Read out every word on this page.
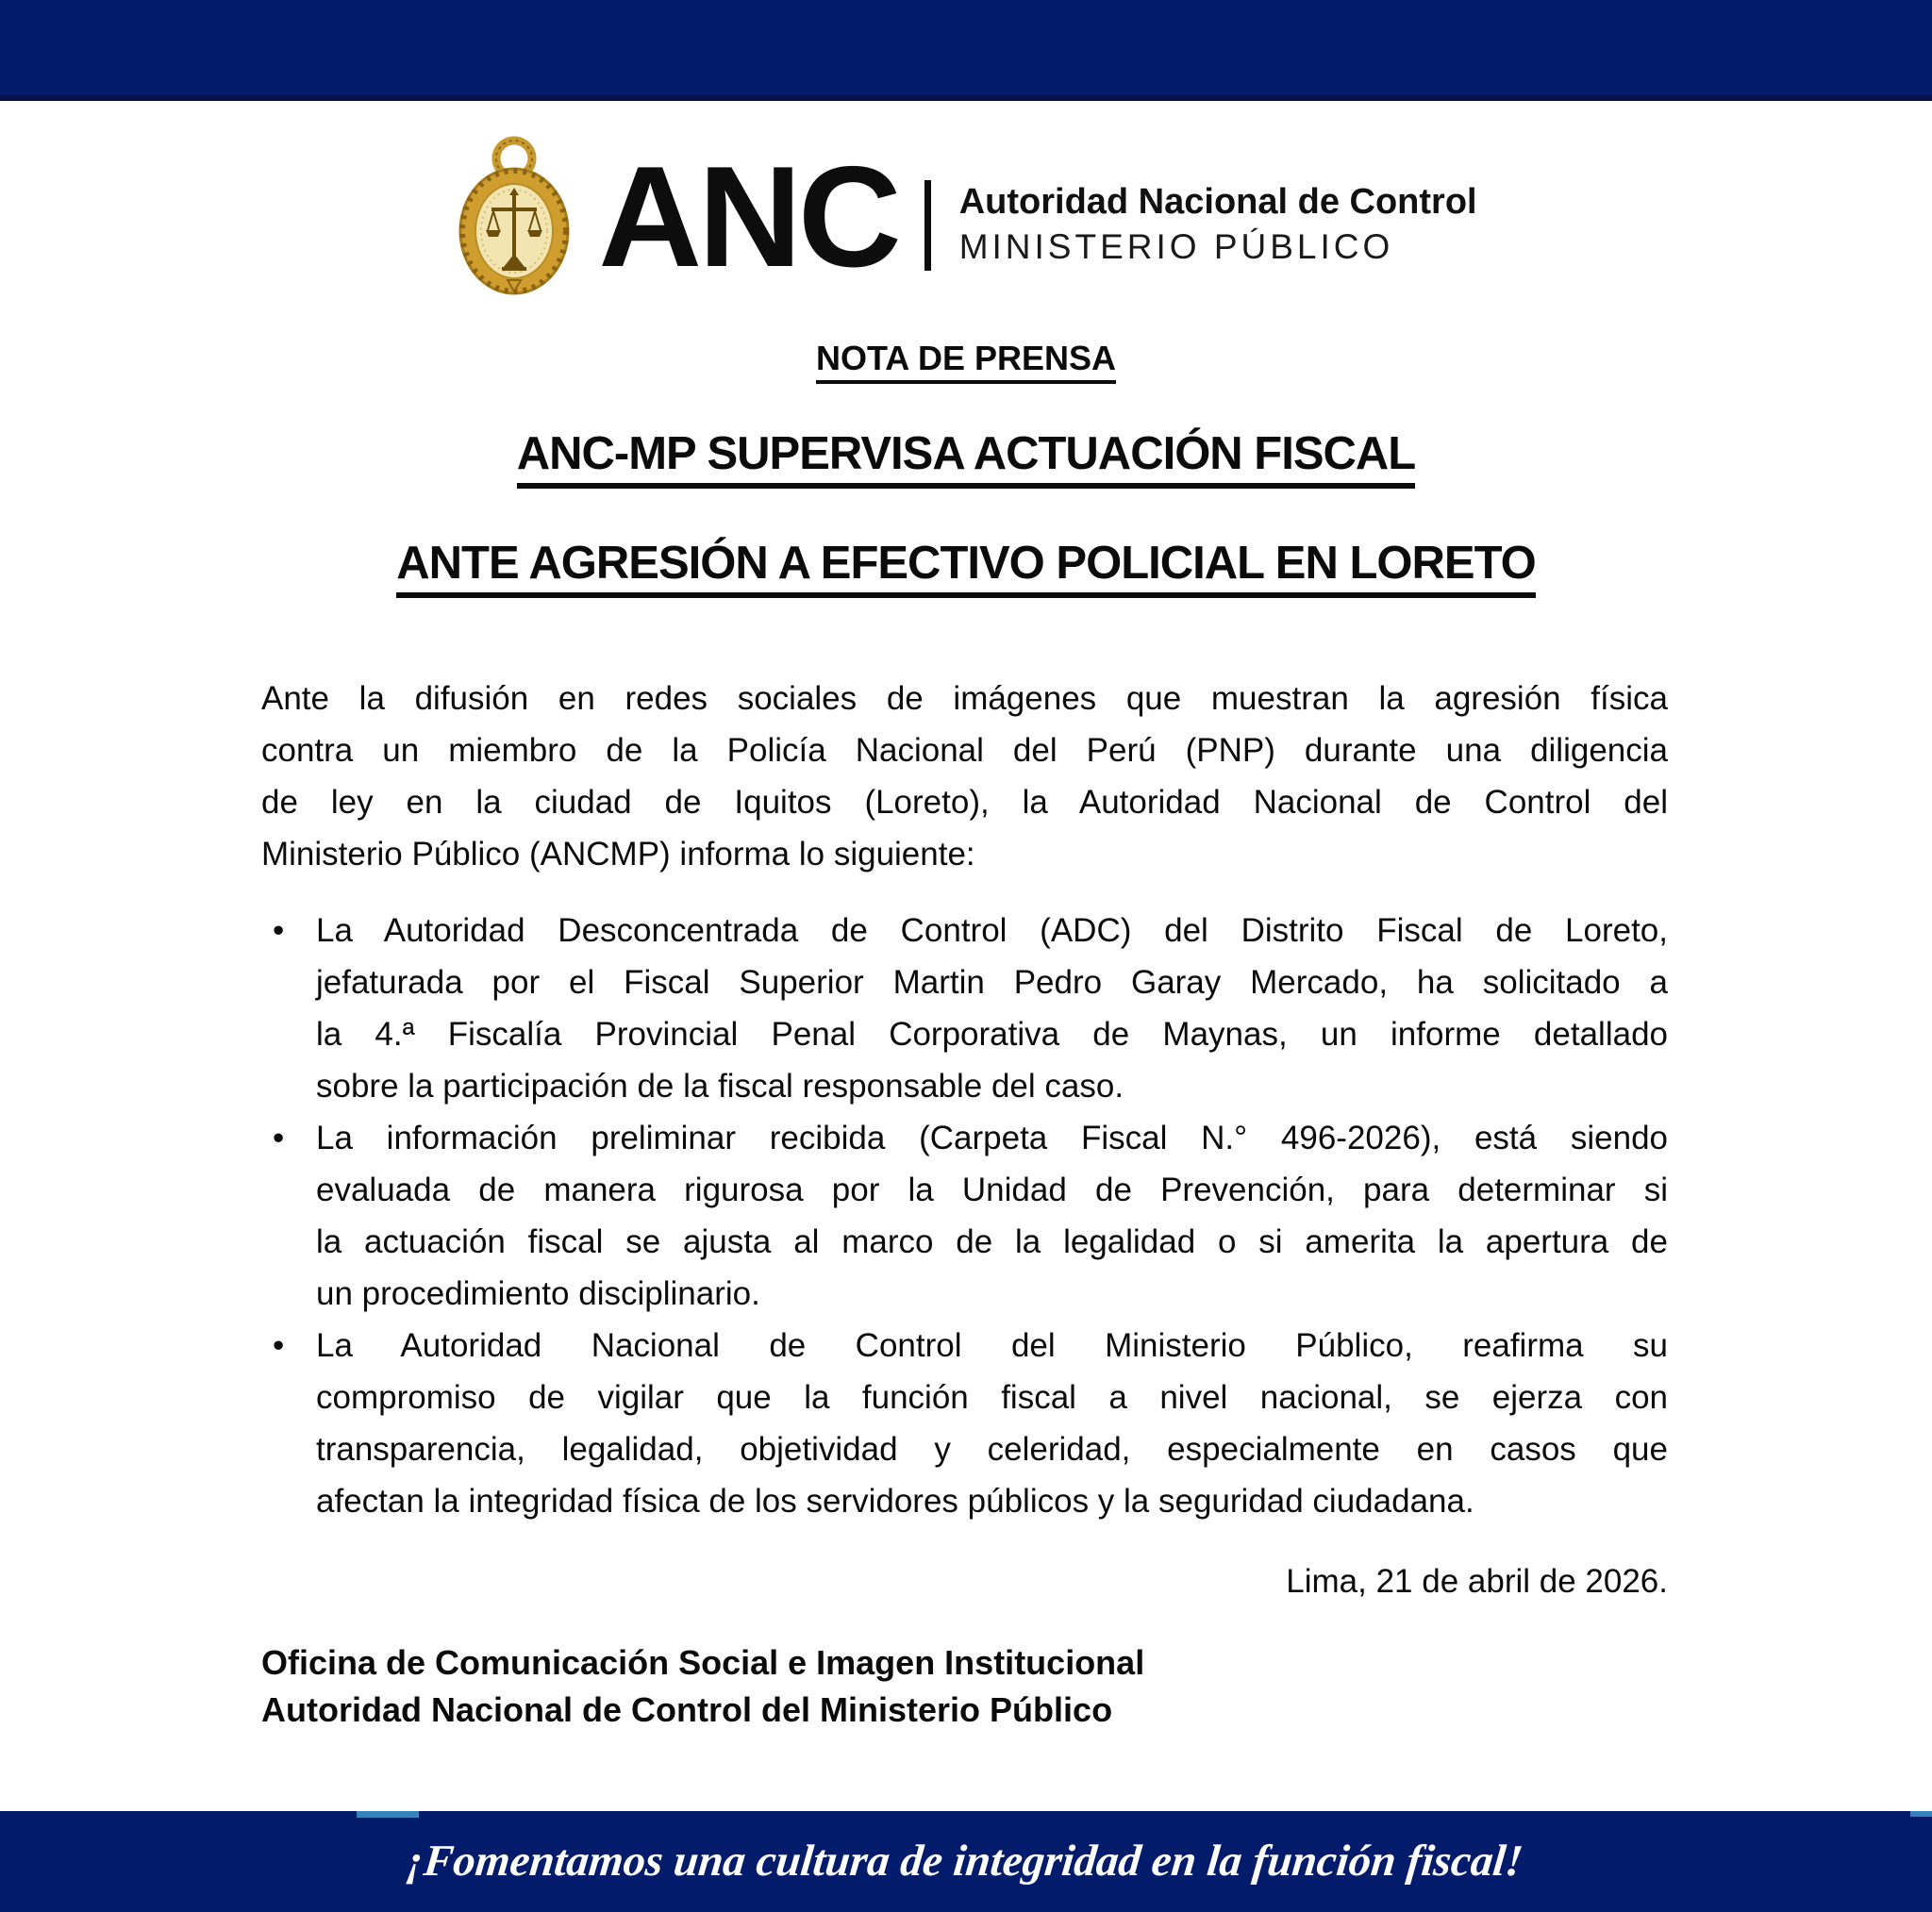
ANC Autoridad Nacional de Control
MINISTERIO PÚBLICO
NOTA DE PRENSA
ANC-MP SUPERVISA ACTUACIÓN FISCAL
ANTE AGRESIÓN A EFECTIVO POLICIAL EN LORETO
Ante la difusión en redes sociales de imágenes que muestran la agresión física
contra un miembro de la Policía Nacional del Perú (PNP) durante una diligencia
de ley en la ciudad de Iquitos (Loreto), la Autoridad Nacional de Control del
Ministerio Público (ANCMP) informa lo siguiente:
• La Autoridad Desconcentrada de Control (ADC) del Distrito Fiscal de Loreto,
jefaturada por el Fiscal Superior Martin Pedro Garay Mercado, ha solicitado a
la 4.ª Fiscalía Provincial Penal Corporativa de Maynas, un informe detallado
sobre la participación de la fiscal responsable del caso.
• La información preliminar recibida (Carpeta Fiscal N.° 496-2026), está siendo
evaluada de manera rigurosa por la Unidad de Prevención, para determinar si
la actuación fiscal se ajusta al marco de la legalidad o si amerita la apertura de
un procedimiento disciplinario.
• La Autoridad Nacional de Control del Ministerio Público, reafirma su
compromiso de vigilar que la función fiscal a nivel nacional, se ejerza con
transparencia, legalidad, objetividad y celeridad, especialmente en casos que
afectan la integridad física de los servidores públicos y la seguridad ciudadana.
Lima, 21 de abril de 2026.
Oficina de Comunicación Social e Imagen Institucional
Autoridad Nacional de Control del Ministerio Público
¡Fomentamos una cultura de integridad en la función fiscal!
